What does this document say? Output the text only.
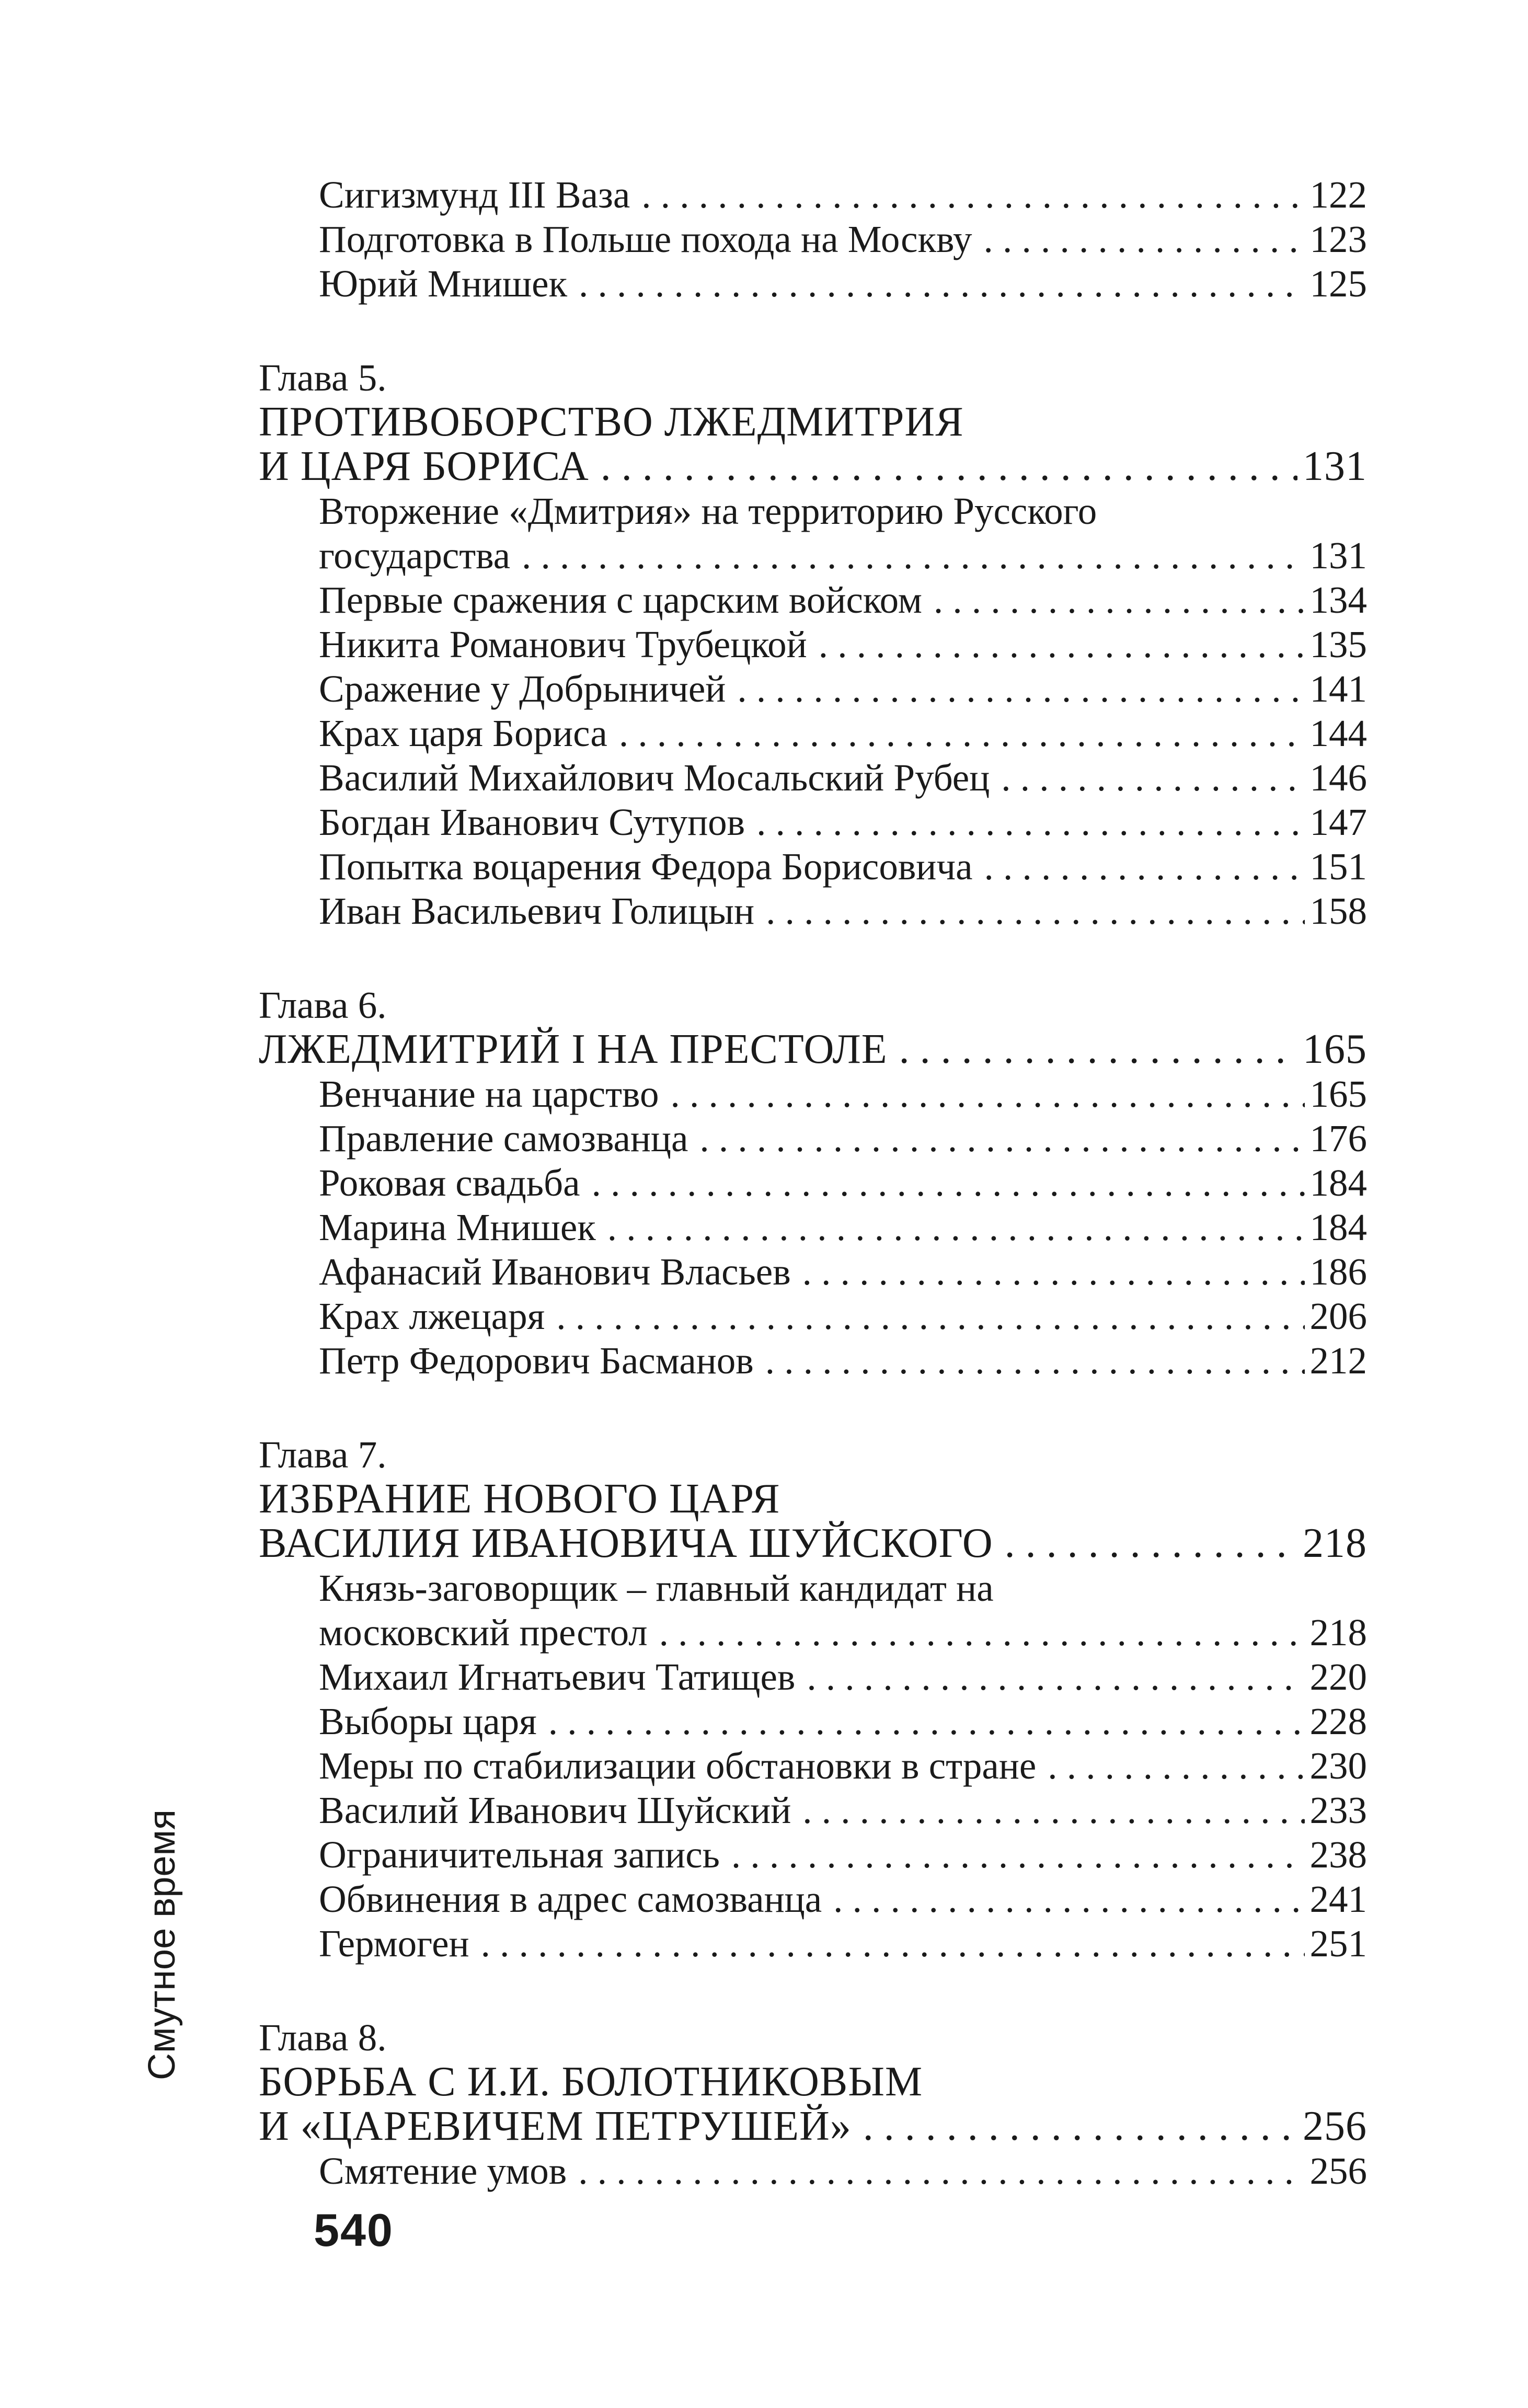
Сигизмунд III Ваза . . .	122
Подготовка в Польше похода на Москву . . .	123
Юрий Мнишек . . .	125
Глава 5.
ПРОТИВОБОРСТВО ЛЖЕДМИТРИЯ
И ЦАРЯ БОРИСА . . .	131
Вторжение «Дмитрия» на территорию Русского
государства . . .	131
Первые сражения с царским войском . . .	134
Никита Романович Трубецкой . . .	135
Сражение у Добрыничей . . .	141
Крах царя Бориса . . .	144
Василий Михайлович Мосальский Рубец . . .	146
Богдан Иванович Сутупов . . .	147
Попытка воцарения Федора Борисовича . . .	151
Иван Васильевич Голицын . . .	158
Глава 6.
ЛЖЕДМИТРИЙ I НА ПРЕСТОЛЕ . . .	165
Венчание на царство . . .	165
Правление самозванца . . .	176
Роковая свадьба . . .	184
Марина Мнишек . . .	184
Афанасий Иванович Власьев . . .	186
Крах лжецаря . . .	206
Петр Федорович Басманов . . .	212
Глава 7.
ИЗБРАНИЕ НОВОГО ЦАРЯ
ВАСИЛИЯ ИВАНОВИЧА ШУЙСКОГО . . .	218
Князь-заговорщик – главный кандидат на
московский престол . . .	218
Михаил Игнатьевич Татищев . . .	220
Выборы царя . . .	228
Меры по стабилизации обстановки в стране . . .	230
Василий Иванович Шуйский . . .	233
Ограничительная запись . . .	238
Обвинения в адрес самозванца . . .	241
Гермоген . . .	251
Глава 8.
БОРЬБА С И.И. БОЛОТНИКОВЫМ
И «ЦАРЕВИЧЕМ ПЕТРУШЕЙ» . . .	256
Смятение умов . . .	256
Смутное время
540
